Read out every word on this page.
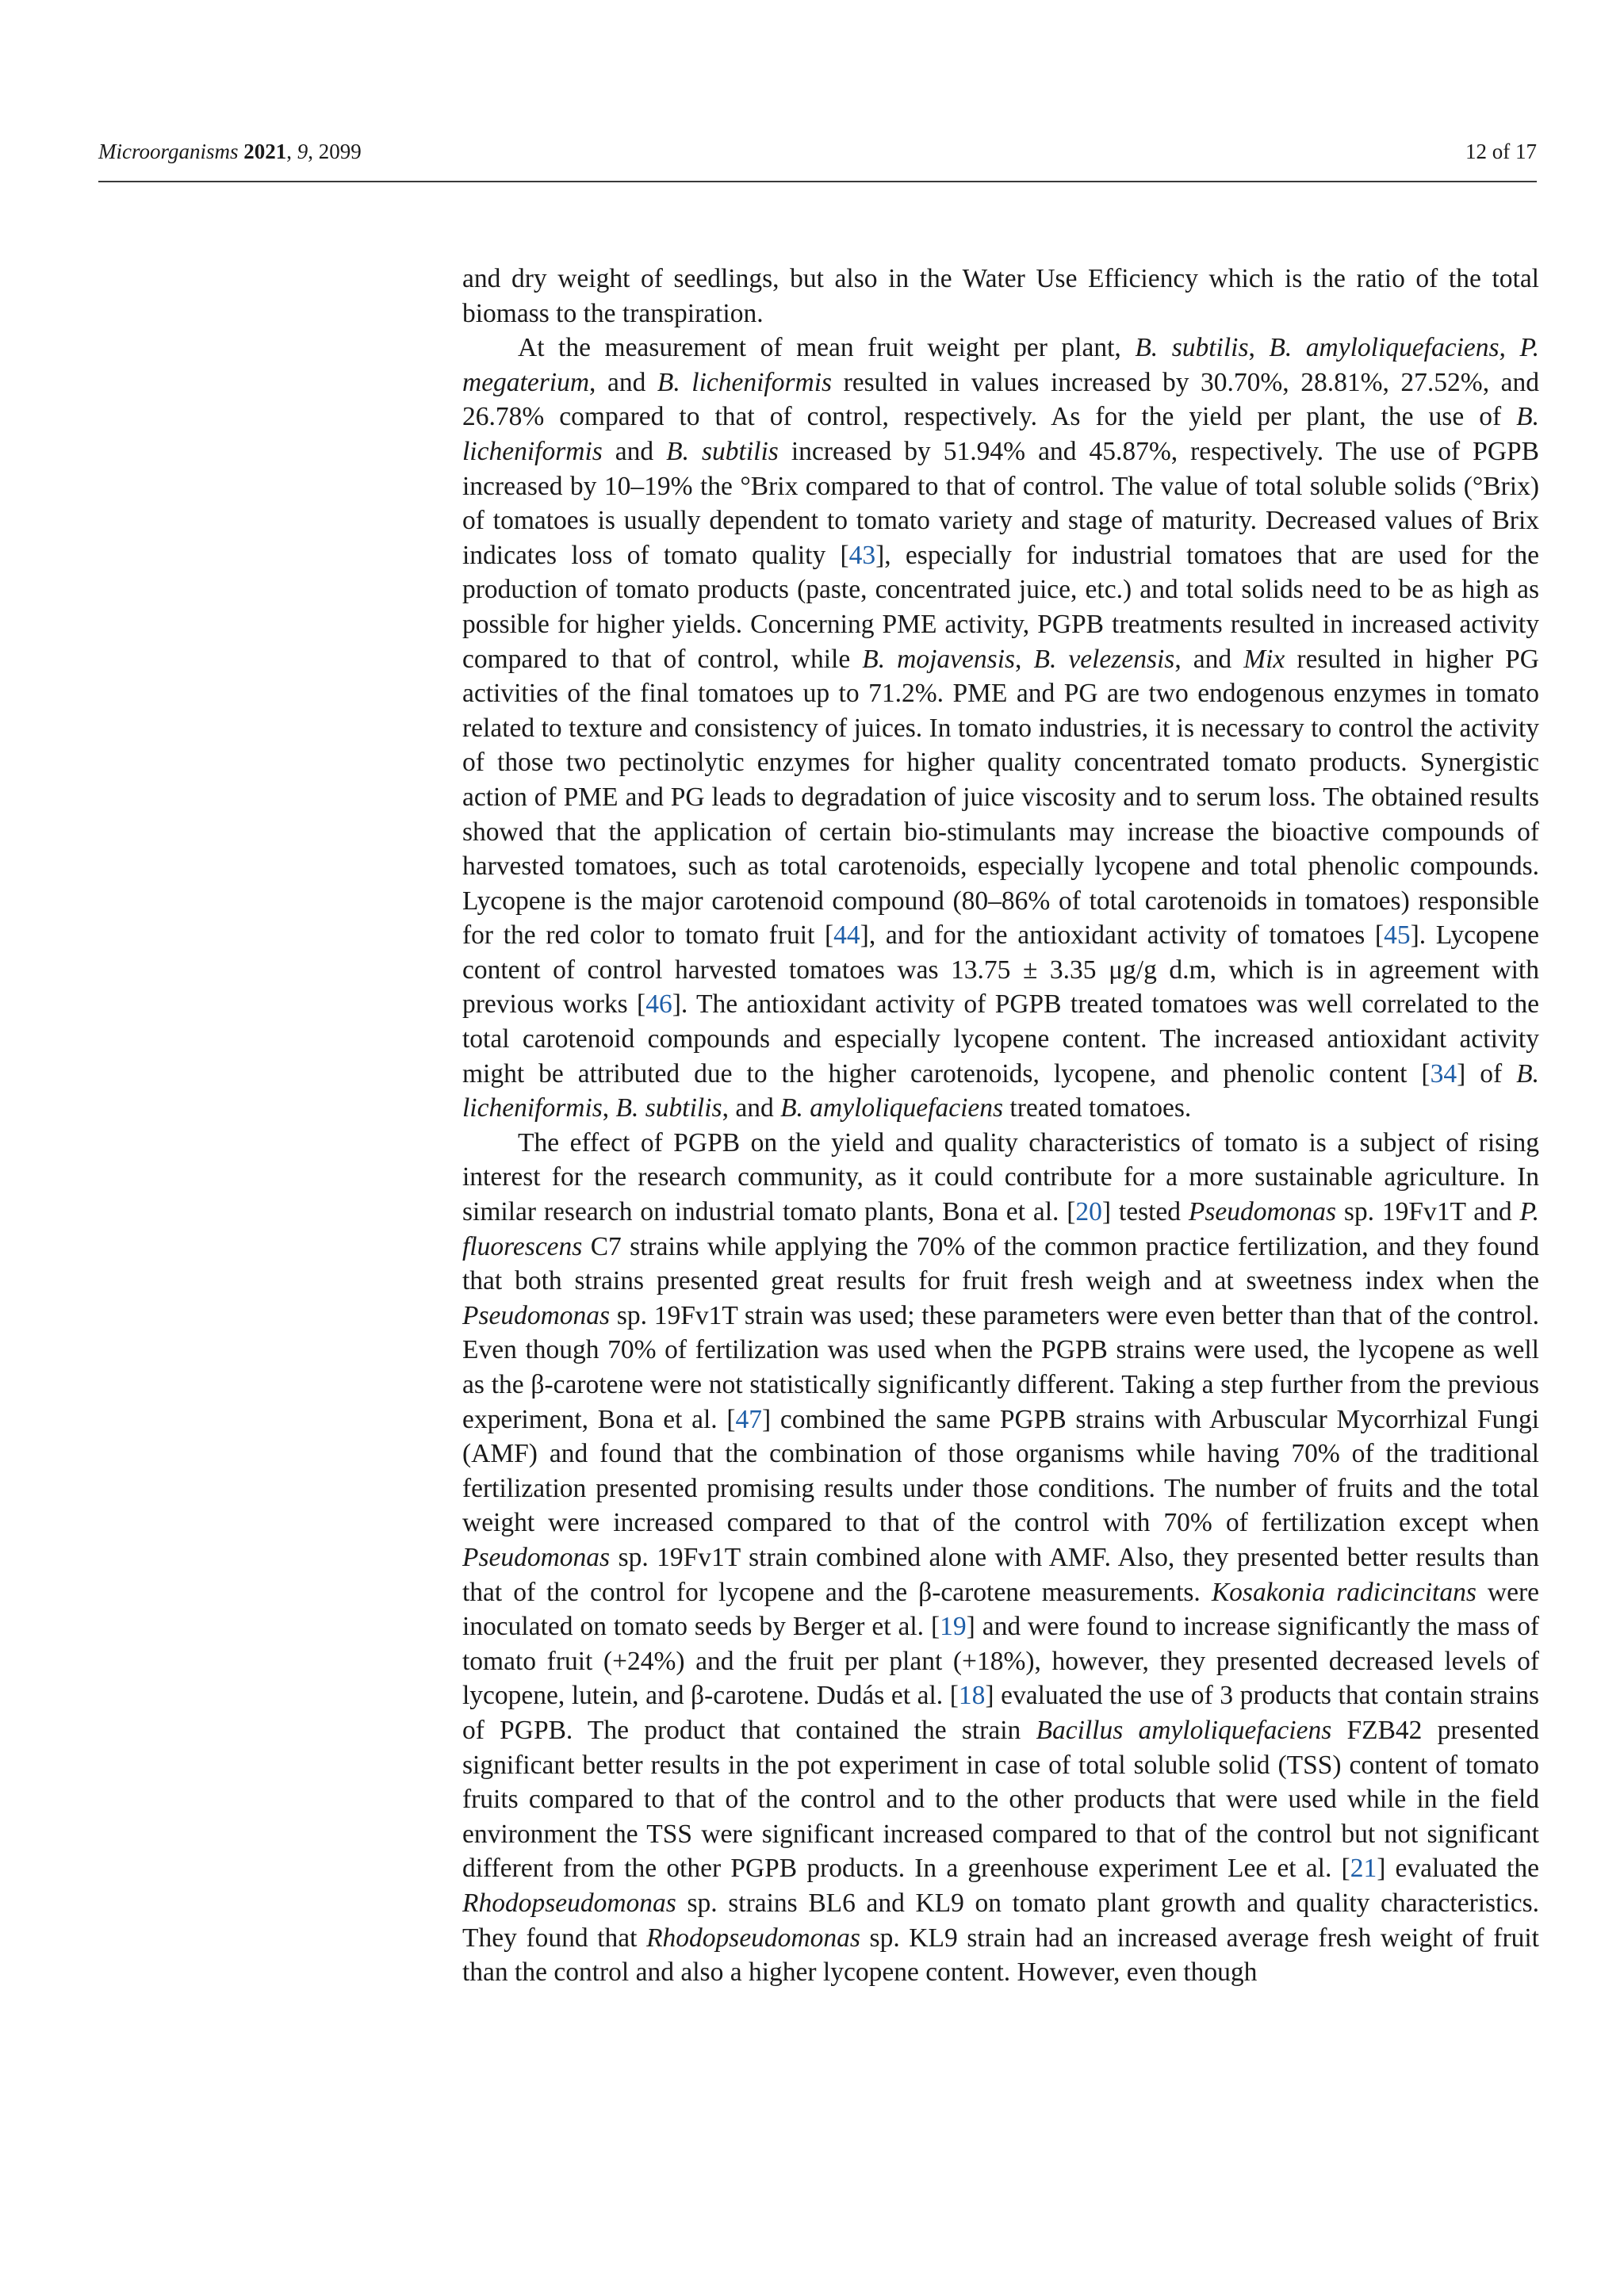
Microorganisms 2021, 9, 2099	12 of 17

and dry weight of seedlings, but also in the Water Use Efficiency which is the ratio of the total biomass to the transpiration.

At the measurement of mean fruit weight per plant, B. subtilis, B. amyloliquefaciens, P. megaterium, and B. licheniformis resulted in values increased by 30.70%, 28.81%, 27.52%, and 26.78% compared to that of control, respectively. As for the yield per plant, the use of B. licheniformis and B. subtilis increased by 51.94% and 45.87%, respectively. The use of PGPB increased by 10–19% the °Brix compared to that of control. The value of total soluble solids (°Brix) of tomatoes is usually dependent to tomato variety and stage of maturity. Decreased values of Brix indicates loss of tomato quality [43], especially for industrial tomatoes that are used for the production of tomato products (paste, concentrated juice, etc.) and total solids need to be as high as possible for higher yields. Concerning PME activity, PGPB treatments resulted in increased activity compared to that of control, while B. mojavensis, B. velezensis, and Mix resulted in higher PG activities of the final tomatoes up to 71.2%. PME and PG are two endogenous enzymes in tomato related to texture and consistency of juices. In tomato industries, it is necessary to control the activity of those two pectinolytic enzymes for higher quality concentrated tomato products. Synergistic action of PME and PG leads to degradation of juice viscosity and to serum loss. The obtained results showed that the application of certain bio-stimulants may increase the bioactive compounds of harvested tomatoes, such as total carotenoids, especially lycopene and total phenolic compounds. Lycopene is the major carotenoid compound (80–86% of total carotenoids in tomatoes) responsible for the red color to tomato fruit [44], and for the antioxidant activity of tomatoes [45]. Lycopene content of control harvested tomatoes was 13.75 ± 3.35 μg/g d.m, which is in agreement with previous works [46]. The antioxidant activity of PGPB treated tomatoes was well correlated to the total carotenoid compounds and especially lycopene content. The increased antioxidant activity might be attributed due to the higher carotenoids, lycopene, and phenolic content [34] of B. licheniformis, B. subtilis, and B. amyloliquefaciens treated tomatoes.

The effect of PGPB on the yield and quality characteristics of tomato is a subject of rising interest for the research community, as it could contribute for a more sustainable agriculture. In similar research on industrial tomato plants, Bona et al. [20] tested Pseudomonas sp. 19Fv1T and P. fluorescens C7 strains while applying the 70% of the common practice fertilization, and they found that both strains presented great results for fruit fresh weigh and at sweetness index when the Pseudomonas sp. 19Fv1T strain was used; these parameters were even better than that of the control. Even though 70% of fertilization was used when the PGPB strains were used, the lycopene as well as the β-carotene were not statistically significantly different. Taking a step further from the previous experiment, Bona et al. [47] combined the same PGPB strains with Arbuscular Mycorrhizal Fungi (AMF) and found that the combination of those organisms while having 70% of the traditional fertilization presented promising results under those conditions. The number of fruits and the total weight were increased compared to that of the control with 70% of fertilization except when Pseudomonas sp. 19Fv1T strain combined alone with AMF. Also, they presented better results than that of the control for lycopene and the β-carotene measurements. Kosakonia radicincitans were inoculated on tomato seeds by Berger et al. [19] and were found to increase significantly the mass of tomato fruit (+24%) and the fruit per plant (+18%), however, they presented decreased levels of lycopene, lutein, and β-carotene. Dudás et al. [18] evaluated the use of 3 products that contain strains of PGPB. The product that contained the strain Bacillus amyloliquefaciens FZB42 presented significant better results in the pot experiment in case of total soluble solid (TSS) content of tomato fruits compared to that of the control and to the other products that were used while in the field environment the TSS were significant increased compared to that of the control but not significant different from the other PGPB products. In a greenhouse experiment Lee et al. [21] evaluated the Rhodopseudomonas sp. strains BL6 and KL9 on tomato plant growth and quality characteristics. They found that Rhodopseudomonas sp. KL9 strain had an increased average fresh weight of fruit than the control and also a higher lycopene content. However, even though
